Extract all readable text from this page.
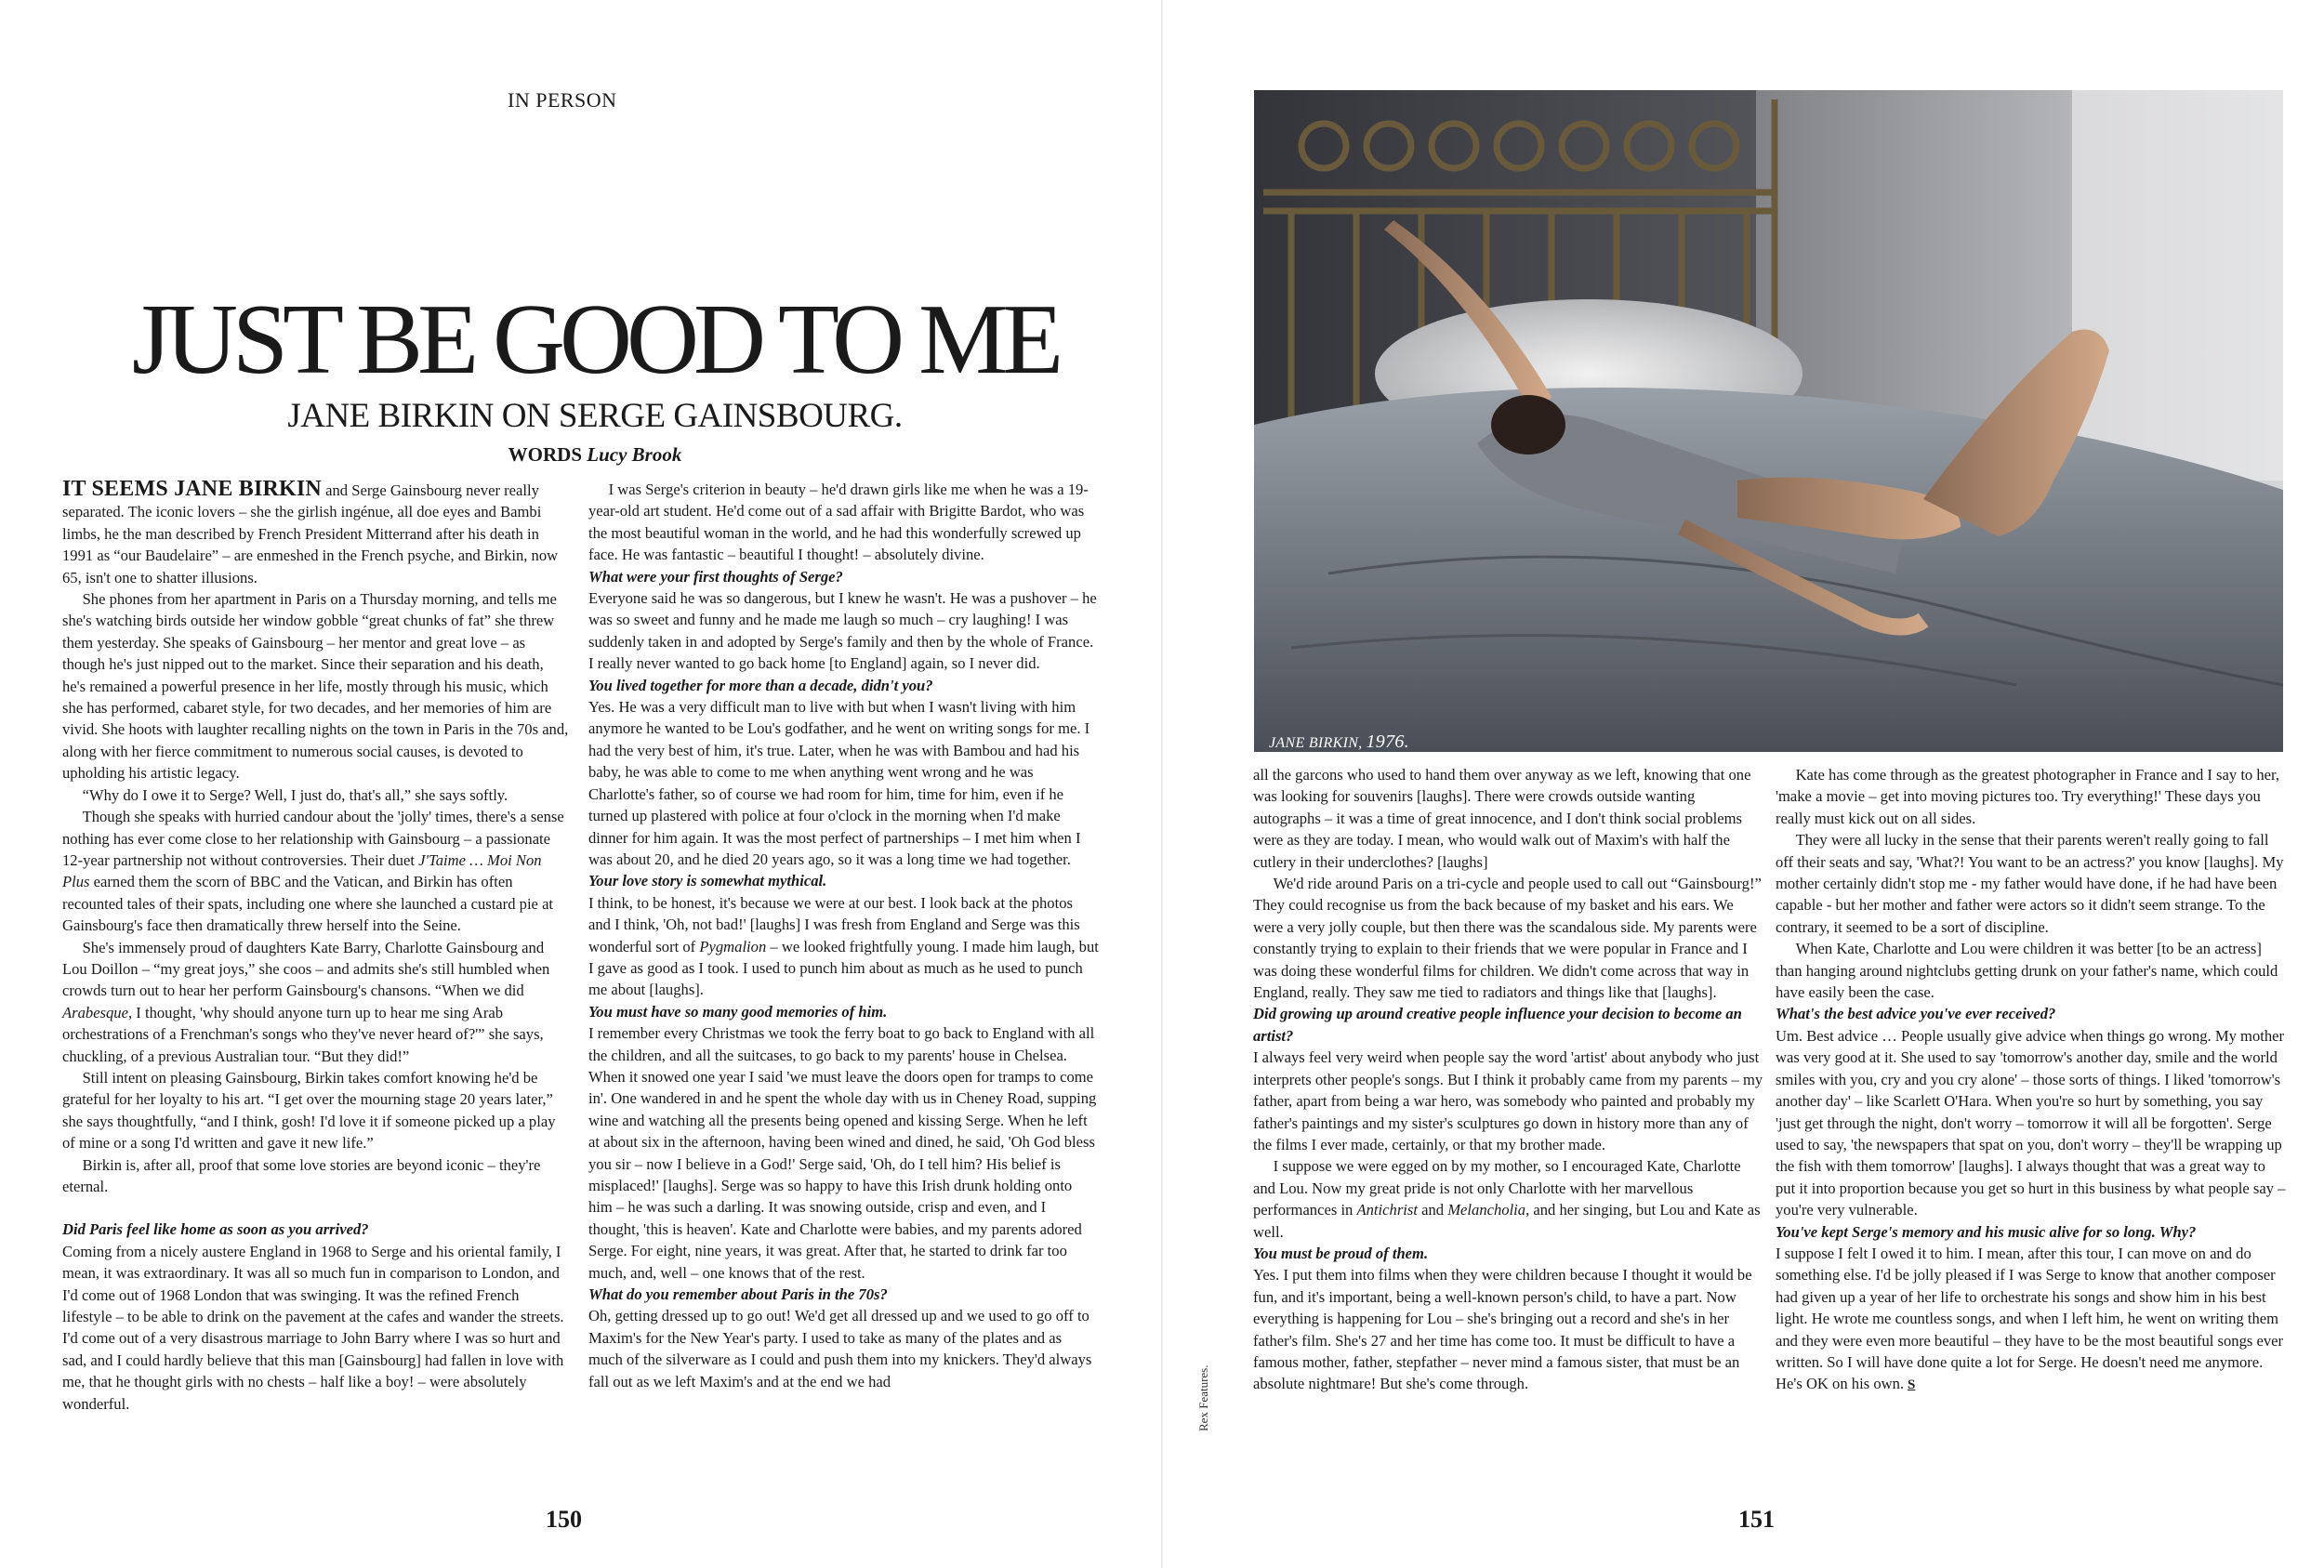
IN PERSON
JUST BE GOOD TO ME
JANE BIRKIN ON SERGE GAINSBOURG.
WORDS Lucy Brook

IT SEEMS JANE BIRKIN and Serge Gainsbourg never really separated. The iconic lovers – she the girlish ingénue, all doe eyes and Bambi limbs, he the man described by French President Mitterrand after his death in 1991 as “our Baudelaire” – are enmeshed in the French psyche, and Birkin, now 65, isn't one to shatter illusions.

She phones from her apartment in Paris on a Thursday morning, and tells me she's watching birds outside her window gobble “great chunks of fat” she threw them yesterday. She speaks of Gainsbourg – her mentor and great love – as though he's just nipped out to the market. Since their separation and his death, he's remained a powerful presence in her life, mostly through his music, which she has performed, cabaret style, for two decades, and her memories of him are vivid. She hoots with laughter recalling nights on the town in Paris in the 70s and, along with her fierce commitment to numerous social causes, is devoted to upholding his artistic legacy.

“Why do I owe it to Serge? Well, I just do, that's all,” she says softly.

Though she speaks with hurried candour about the 'jolly' times, there's a sense nothing has ever come close to her relationship with Gainsbourg – a passionate 12-year partnership not without controversies. Their duet J'Taime … Moi Non Plus earned them the scorn of BBC and the Vatican, and Birkin has often recounted tales of their spats, including one where she launched a custard pie at Gainsbourg's face then dramatically threw herself into the Seine.

She's immensely proud of daughters Kate Barry, Charlotte Gainsbourg and Lou Doillon – “my great joys,” she coos – and admits she's still humbled when crowds turn out to hear her perform Gainsbourg's chansons. “When we did Arabesque, I thought, 'why should anyone turn up to hear me sing Arab orchestrations of a Frenchman's songs who they've never heard of?'” she says, chuckling, of a previous Australian tour. “But they did!”

Still intent on pleasing Gainsbourg, Birkin takes comfort knowing he'd be grateful for her loyalty to his art. “I get over the mourning stage 20 years later,” she says thoughtfully, “and I think, gosh! I'd love it if someone picked up a play of mine or a song I'd written and gave it new life.”

Birkin is, after all, proof that some love stories are beyond iconic – they're eternal.

Did Paris feel like home as soon as you arrived?

Coming from a nicely austere England in 1968 to Serge and his oriental family, I mean, it was extraordinary. It was all so much fun in comparison to London, and I'd come out of 1968 London that was swinging. It was the refined French lifestyle – to be able to drink on the pavement at the cafes and wander the streets. I'd come out of a very disastrous marriage to John Barry where I was so hurt and sad, and I could hardly believe that this man [Gainsbourg] had fallen in love with me, that he thought girls with no chests – half like a boy! – were absolutely wonderful.

I was Serge's criterion in beauty – he'd drawn girls like me when he was a 19-year-old art student. He'd come out of a sad affair with Brigitte Bardot, who was the most beautiful woman in the world, and he had this wonderfully screwed up face. He was fantastic – beautiful I thought! – absolutely divine.

What were your first thoughts of Serge?

Everyone said he was so dangerous, but I knew he wasn't. He was a pushover – he was so sweet and funny and he made me laugh so much – cry laughing! I was suddenly taken in and adopted by Serge's family and then by the whole of France. I really never wanted to go back home [to England] again, so I never did.

You lived together for more than a decade, didn't you?

Yes. He was a very difficult man to live with but when I wasn't living with him anymore he wanted to be Lou's godfather, and he went on writing songs for me. I had the very best of him, it's true. Later, when he was with Bambou and had his baby, he was able to come to me when anything went wrong and he was Charlotte's father, so of course we had room for him, time for him, even if he turned up plastered with police at four o'clock in the morning when I'd make dinner for him again. It was the most perfect of partnerships – I met him when I was about 20, and he died 20 years ago, so it was a long time we had together.

Your love story is somewhat mythical.

I think, to be honest, it's because we were at our best. I look back at the photos and I think, 'Oh, not bad!' [laughs] I was fresh from England and Serge was this wonderful sort of Pygmalion – we looked frightfully young. I made him laugh, but I gave as good as I took. I used to punch him about as much as he used to punch me about [laughs].

You must have so many good memories of him.

I remember every Christmas we took the ferry boat to go back to England with all the children, and all the suitcases, to go back to my parents' house in Chelsea. When it snowed one year I said 'we must leave the doors open for tramps to come in'. One wandered in and he spent the whole day with us in Cheney Road, supping wine and watching all the presents being opened and kissing Serge. When he left at about six in the afternoon, having been wined and dined, he said, 'Oh God bless you sir – now I believe in a God!' Serge said, 'Oh, do I tell him? His belief is misplaced!' [laughs]. Serge was so happy to have this Irish drunk holding onto him – he was such a darling. It was snowing outside, crisp and even, and I thought, 'this is heaven'. Kate and Charlotte were babies, and my parents adored Serge. For eight, nine years, it was great. After that, he started to drink far too much, and, well – one knows that of the rest.

What do you remember about Paris in the 70s?

Oh, getting dressed up to go out! We'd get all dressed up and we used to go off to Maxim's for the New Year's party. I used to take as many of the plates and as much of the silverware as I could and push them into my knickers. They'd always fall out as we left Maxim's and at the end we had

150
JANE BIRKIN, 1976.
Rex Features.

all the garcons who used to hand them over anyway as we left, knowing that one was looking for souvenirs [laughs]. There were crowds outside wanting autographs – it was a time of great innocence, and I don't think social problems were as they are today. I mean, who would walk out of Maxim's with half the cutlery in their underclothes? [laughs]

We'd ride around Paris on a tri-cycle and people used to call out “Gainsbourg!” They could recognise us from the back because of my basket and his ears. We were a very jolly couple, but then there was the scandalous side. My parents were constantly trying to explain to their friends that we were popular in France and I was doing these wonderful films for children. We didn't come across that way in England, really. They saw me tied to radiators and things like that [laughs].

Did growing up around creative people influence your decision to become an artist?

I always feel very weird when people say the word 'artist' about anybody who just interprets other people's songs. But I think it probably came from my parents – my father, apart from being a war hero, was somebody who painted and probably my father's paintings and my sister's sculptures go down in history more than any of the films I ever made, certainly, or that my brother made.

I suppose we were egged on by my mother, so I encouraged Kate, Charlotte and Lou. Now my great pride is not only Charlotte with her marvellous performances in Antichrist and Melancholia, and her singing, but Lou and Kate as well.

You must be proud of them.

Yes. I put them into films when they were children because I thought it would be fun, and it's important, being a well-known person's child, to have a part. Now everything is happening for Lou – she's bringing out a record and she's in her father's film. She's 27 and her time has come too. It must be difficult to have a famous mother, father, stepfather – never mind a famous sister, that must be an absolute nightmare! But she's come through.

Kate has come through as the greatest photographer in France and I say to her, 'make a movie – get into moving pictures too. Try everything!' These days you really must kick out on all sides.

They were all lucky in the sense that their parents weren't really going to fall off their seats and say, 'What?! You want to be an actress?' you know [laughs]. My mother certainly didn't stop me - my father would have done, if he had have been capable - but her mother and father were actors so it didn't seem strange. To the contrary, it seemed to be a sort of discipline.

When Kate, Charlotte and Lou were children it was better [to be an actress] than hanging around nightclubs getting drunk on your father's name, which could have easily been the case.

What's the best advice you've ever received?

Um. Best advice … People usually give advice when things go wrong. My mother was very good at it. She used to say 'tomorrow's another day, smile and the world smiles with you, cry and you cry alone' – those sorts of things. I liked 'tomorrow's another day' – like Scarlett O'Hara. When you're so hurt by something, you say 'just get through the night, don't worry – tomorrow it will all be forgotten'. Serge used to say, 'the newspapers that spat on you, don't worry – they'll be wrapping up the fish with them tomorrow' [laughs]. I always thought that was a great way to put it into proportion because you get so hurt in this business by what people say – you're very vulnerable.

You've kept Serge's memory and his music alive for so long. Why?

I suppose I felt I owed it to him. I mean, after this tour, I can move on and do something else. I'd be jolly pleased if I was Serge to know that another composer had given up a year of her life to orchestrate his songs and show him in his best light. He wrote me countless songs, and when I left him, he went on writing them and they were even more beautiful – they have to be the most beautiful songs ever written. So I will have done quite a lot for Serge. He doesn't need me anymore. He's OK on his own. S

151
